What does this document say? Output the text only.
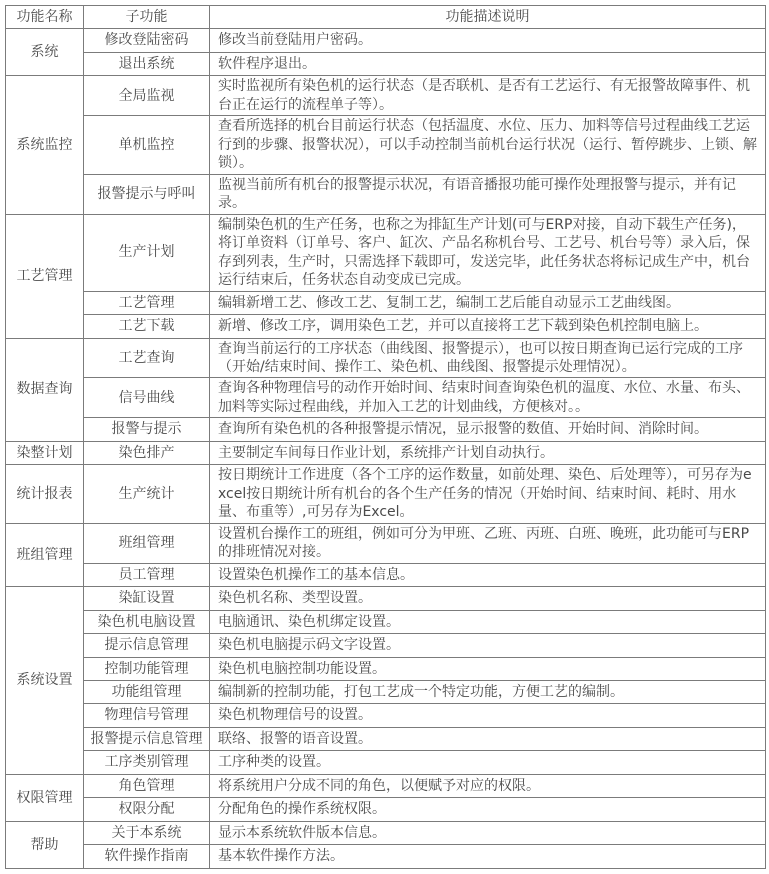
功能名称	子功能	功能描述说明
系统	修改登陆密码	修改当前登陆用户密码。
	退出系统	软件程序退出。
系统监控	全局监视	实时监视所有染色机的运行状态（是否联机、是否有工艺运行、有无报警故障事件、机台正在运行的流程单子等）。
	单机监控	查看所选择的机台目前运行状态（包括温度、水位、压力、加料等信号过程曲线工艺运行到的步骤、报警状况），可以手动控制当前机台运行状况（运行、暂停跳步、上锁、解锁）。
	报警提示与呼叫	监视当前所有机台的报警提示状况，有语音播报功能可操作处理报警与提示，并有记录。
工艺管理	生产计划	编制染色机的生产任务，也称之为排缸生产计划(可与ERP对接，自动下载生产任务)，将订单资料（订单号、客户、缸次、产品名称机台号、工艺号、机台号等）录入后，保存到列表，生产时，只需选择下载即可，发送完毕，此任务状态将标记成生产中，机台运行结束后，任务状态自动变成已完成。
	工艺管理	编辑新增工艺、修改工艺、复制工艺，编制工艺后能自动显示工艺曲线图。
	工艺下载	新增、修改工序，调用染色工艺，并可以直接将工艺下载到染色机控制电脑上。
数据查询	工艺查询	查询当前运行的工序状态（曲线图、报警提示），也可以按日期查询已运行完成的工序（开始/结束时间、操作工、染色机、曲线图、报警提示处理情况）。
	信号曲线	查询各种物理信号的动作开始时间、结束时间查询染色机的温度、水位、水量、布头、加料等实际过程曲线，并加入工艺的计划曲线，方便核对。。
	报警与提示	查询所有染色机的各种报警提示情况，显示报警的数值、开始时间、消除时间。
染整计划	染色排产	主要制定车间每日作业计划，系统排产计划自动执行。
统计报表	生产统计	按日期统计工作进度（各个工序的运作数量，如前处理、染色、后处理等），可另存为excel按日期统计所有机台的各个生产任务的情况（开始时间、结束时间、耗时、用水量、布重等）,可另存为Excel。
班组管理	班组管理	设置机台操作工的班组，例如可分为甲班、乙班、丙班、白班、晚班，此功能可与ERP的排班情况对接。
	员工管理	设置染色机操作工的基本信息。
系统设置	染缸设置	染色机名称、类型设置。
	染色机电脑设置	电脑通讯、染色机绑定设置。
	提示信息管理	染色机电脑提示码文字设置。
	控制功能管理	染色机电脑控制功能设置。
	功能组管理	编制新的控制功能，打包工艺成一个特定功能，方便工艺的编制。
	物理信号管理	染色机物理信号的设置。
	报警提示信息管理	联络、报警的语音设置。
	工序类别管理	工序种类的设置。
权限管理	角色管理	将系统用户分成不同的角色，以便赋予对应的权限。
	权限分配	分配角色的操作系统权限。
帮助	关于本系统	显示本系统软件版本信息。
	软件操作指南	基本软件操作方法。
